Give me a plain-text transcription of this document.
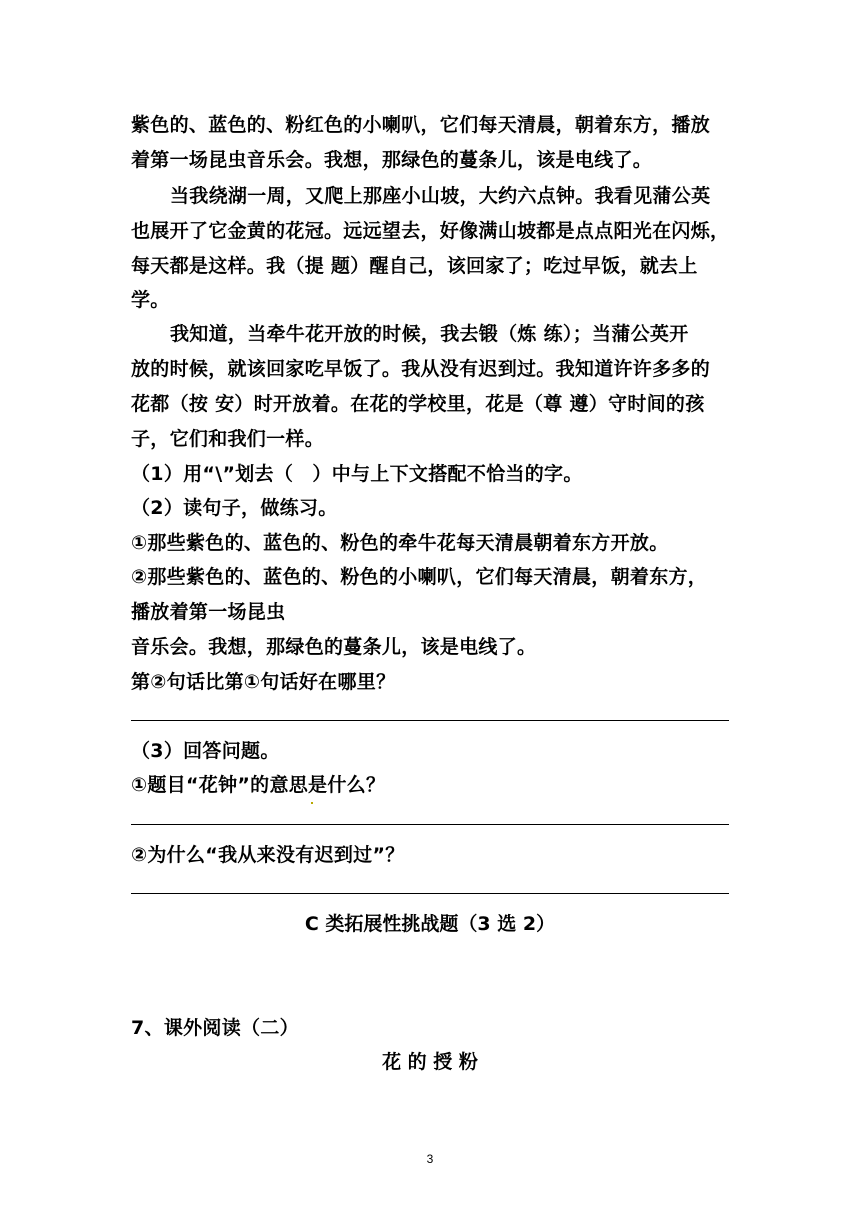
紫色的、蓝色的、粉红色的小喇叭，它们每天清晨，朝着东方，播放
着第一场昆虫音乐会。我想，那绿色的蔓条儿，该是电线了。
当我绕湖一周，又爬上那座小山坡，大约六点钟。我看见蒲公英
也展开了它金黄的花冠。远远望去，好像满山坡都是点点阳光在闪烁，
每天都是这样。我（提 题）醒自己，该回家了；吃过早饭，就去上
学。
我知道，当牵牛花开放的时候，我去锻（炼 练）；当蒲公英开
放的时候，就该回家吃早饭了。我从没有迟到过。我知道许许多多的
花都（按 安）时开放着。在花的学校里，花是（尊 遵）守时间的孩
子，它们和我们一样。
（1）用“\”划去（　）中与上下文搭配不恰当的字。
（2）读句子，做练习。
①那些紫色的、蓝色的、粉色的牵牛花每天清晨朝着东方开放。
②那些紫色的、蓝色的、粉色的小喇叭，它们每天清晨，朝着东方，
播放着第一场昆虫
音乐会。我想，那绿色的蔓条儿，该是电线了。
第②句话比第①句话好在哪里？
（3）回答问题。
①题目“花钟”的意思是什么？
②为什么“我从来没有迟到过”？
C 类拓展性挑战题（3 选 2）
7、课外阅读（二）
花 的 授 粉
3
